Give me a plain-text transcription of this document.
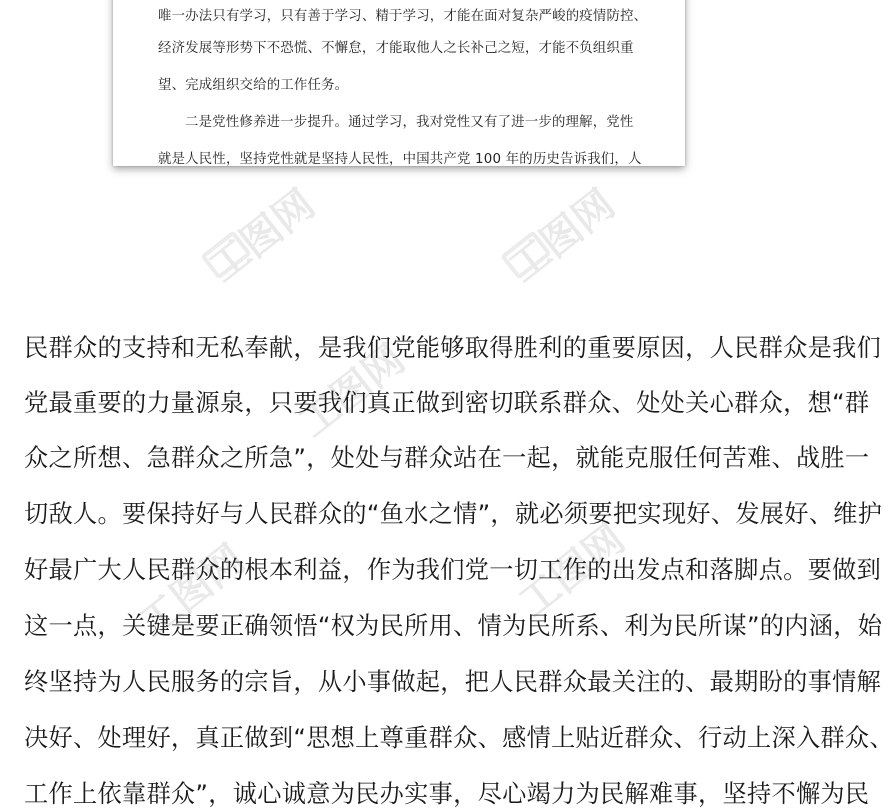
工图网	工图网
工图网
工图网	工图网
唯一办法只有学习，只有善于学习、精于学习，才能在面对复杂严峻的疫情防控、
经济发展等形势下不恐慌、不懈怠，才能取他人之长补己之短，才能不负组织重
望、完成组织交给的工作任务。
二是党性修养进一步提升。通过学习，我对党性又有了进一步的理解，党性
就是人民性，坚持党性就是坚持人民性，中国共产党 100 年的历史告诉我们，人
民群众的支持和无私奉献，是我们党能够取得胜利的重要原因，人民群众是我们
党最重要的力量源泉，只要我们真正做到密切联系群众、处处关心群众，想“群
众之所想、急群众之所急”，处处与群众站在一起，就能克服任何苦难、战胜一
切敌人。要保持好与人民群众的“鱼水之情”，就必须要把实现好、发展好、维护
好最广大人民群众的根本利益，作为我们党一切工作的出发点和落脚点。要做到
这一点，关键是要正确领悟“权为民所用、情为民所系、利为民所谋”的内涵，始
终坚持为人民服务的宗旨，从小事做起，把人民群众最关注的、最期盼的事情解
决好、处理好，真正做到“思想上尊重群众、感情上贴近群众、行动上深入群众、
工作上依靠群众”，诚心诚意为民办实事，尽心竭力为民解难事，坚持不懈为民
